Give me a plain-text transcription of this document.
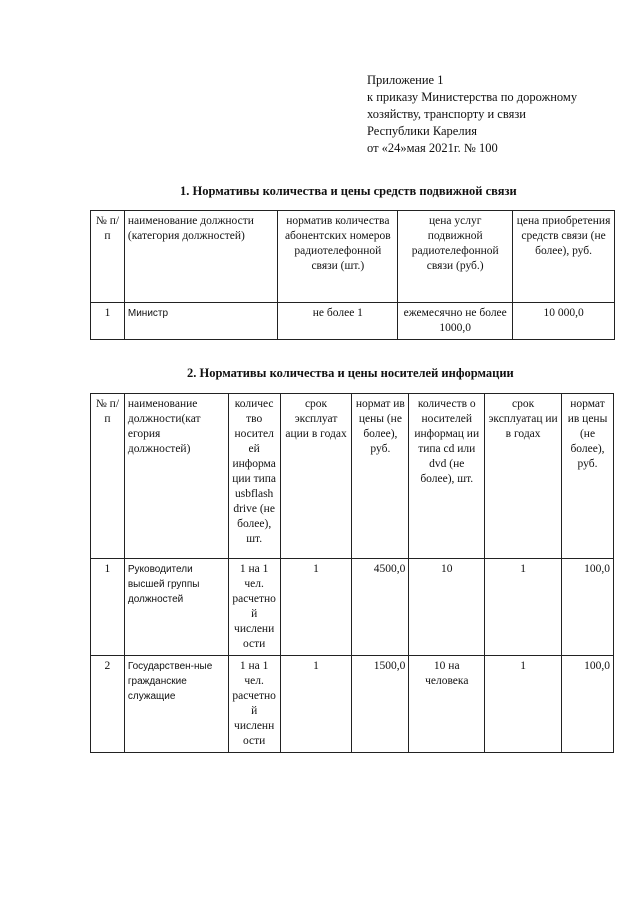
Приложение 1
к приказу Министерства по дорожному
хозяйству, транспорту и связи
Республики Карелия
от «24»мая 2021г. № 100
1. Нормативы количества и цены средств подвижной связи
№ п/п	наименование должности (категория должностей)	норматив количества абонентских номеров радиотелефонной связи (шт.)	цена услуг подвижной радиотелефонной связи (руб.)	цена приобретения средств связи (не более), руб.
1	Министр	не более 1	ежемесячно не более 1000,0	10 000,0
2. Нормативы количества и цены носителей информации
№ п/п	наименование должности(кат егория должностей)	количес тво носител ей информа ции типа usbflash drive (не более), шт.	срок эксплуат ации в годах	нормат ив цены (не более), руб.	количеств о носителей информац ии типа cd или dvd (не более), шт.	срок эксплуатац ии в годах	нормат ив цены (не более), руб.
1	Руководители высшей группы должностей	1 на 1 чел. расчетно й числени ости	1	4500,0	10	1	100,0
2	Государствен-ные гражданские служащие	1 на 1 чел. расчетно й численн ости	1	1500,0	10 на человека	1	100,0
